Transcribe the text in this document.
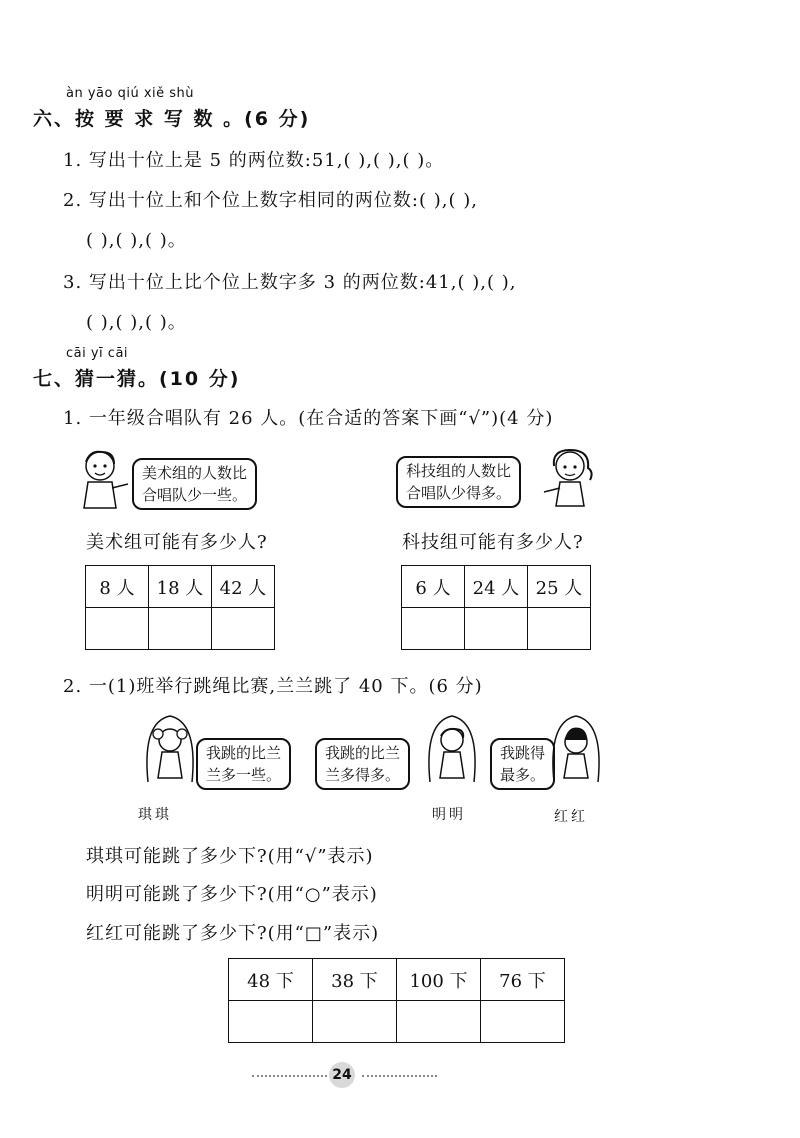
àn yāo qiú xiě shù
六、按 要 求 写 数 。(6 分)
1. 写出十位上是 5 的两位数:51,( ),( ),( )。
2. 写出十位上和个位上数字相同的两位数:( ),( ),
( ),( ),( )。
3. 写出十位上比个位上数字多 3 的两位数:41,( ),( ),
( ),( ),( )。
cāi yī cāi
七、猜一猜。(10 分)
1. 一年级合唱队有 26 人。(在合适的答案下画“√”)(4 分)
美术组的人数比
合唱队少一些。
科技组的人数比
合唱队少得多。
美术组可能有多少人?	科技组可能有多少人?
8 人	18 人	42 人
			6 人	24 人	25 人

2. 一(1)班举行跳绳比赛,兰兰跳了 40 下。(6 分)
我跳的比兰
兰多一些。
我跳的比兰
兰多得多。
我跳得
最多。
琪琪	明明	红红
琪琪可能跳了多少下?(用“√”表示)
明明可能跳了多少下?(用“○”表示)
红红可能跳了多少下?(用“□”表示)
48 下	38 下	100 下	76 下

24
